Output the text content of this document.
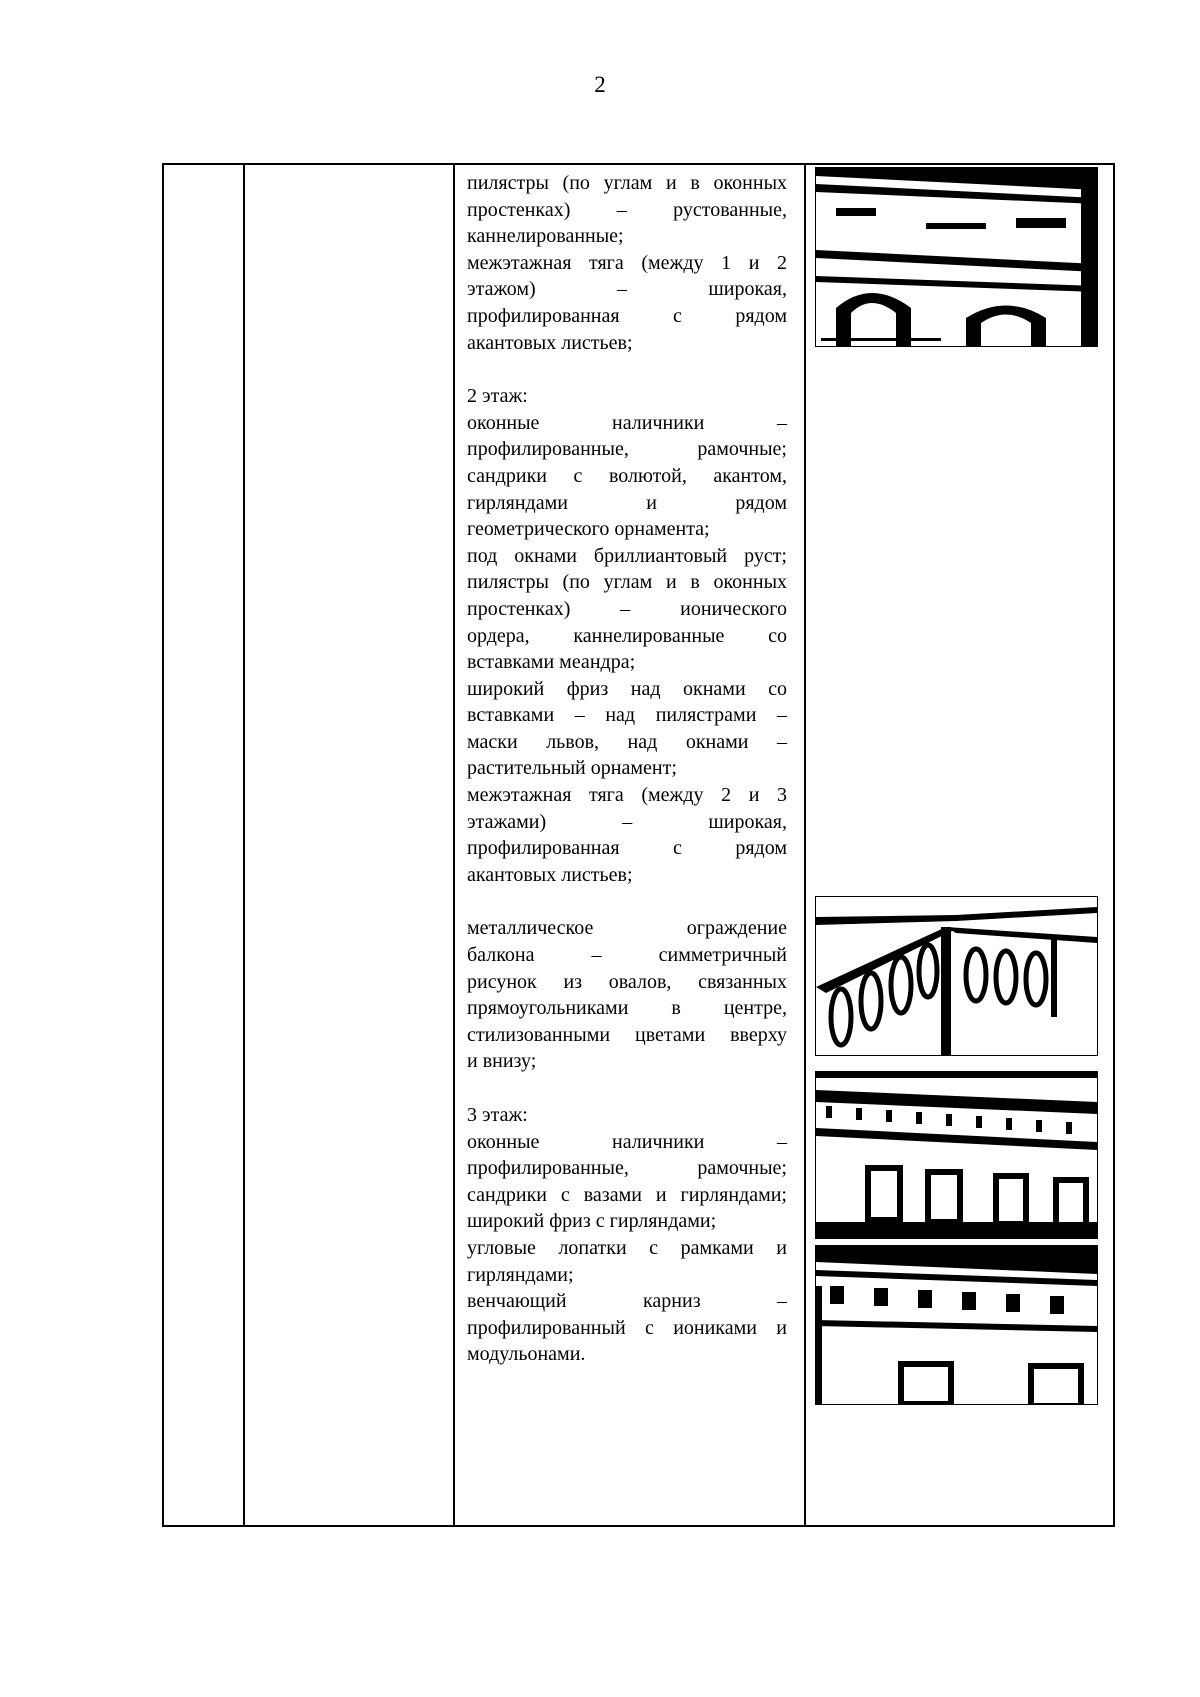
2

пилястры (по углам и в оконных

простенках) – рустованные,

каннелированные;

межэтажная тяга (между 1 и 2

этажом) – широкая,

профилированная с рядом

акантовых листьев;

2 этаж:

оконные наличники –

профилированные, рамочные;

сандрики с волютой, акантом,

гирляндами и рядом

геометрического орнамента;

под окнами бриллиантовый руст;

пилястры (по углам и в оконных

простенках) – ионического

ордера, каннелированные со

вставками меандра;

широкий фриз над окнами со

вставками – над пилястрами –

маски львов, над окнами –

растительный орнамент;

межэтажная тяга (между 2 и 3

этажами) – широкая,

профилированная с рядом

акантовых листьев;

металлическое ограждение

балкона – симметричный

рисунок из овалов, связанных

прямоугольниками в центре,

стилизованными цветами вверху

и внизу;

3 этаж:

оконные наличники –

профилированные, рамочные;

сандрики с вазами и гирляндами;

широкий фриз с гирляндами;

угловые лопатки с рамками и

гирляндами;

венчающий карниз –

профилированный с иониками и

модульонами.
